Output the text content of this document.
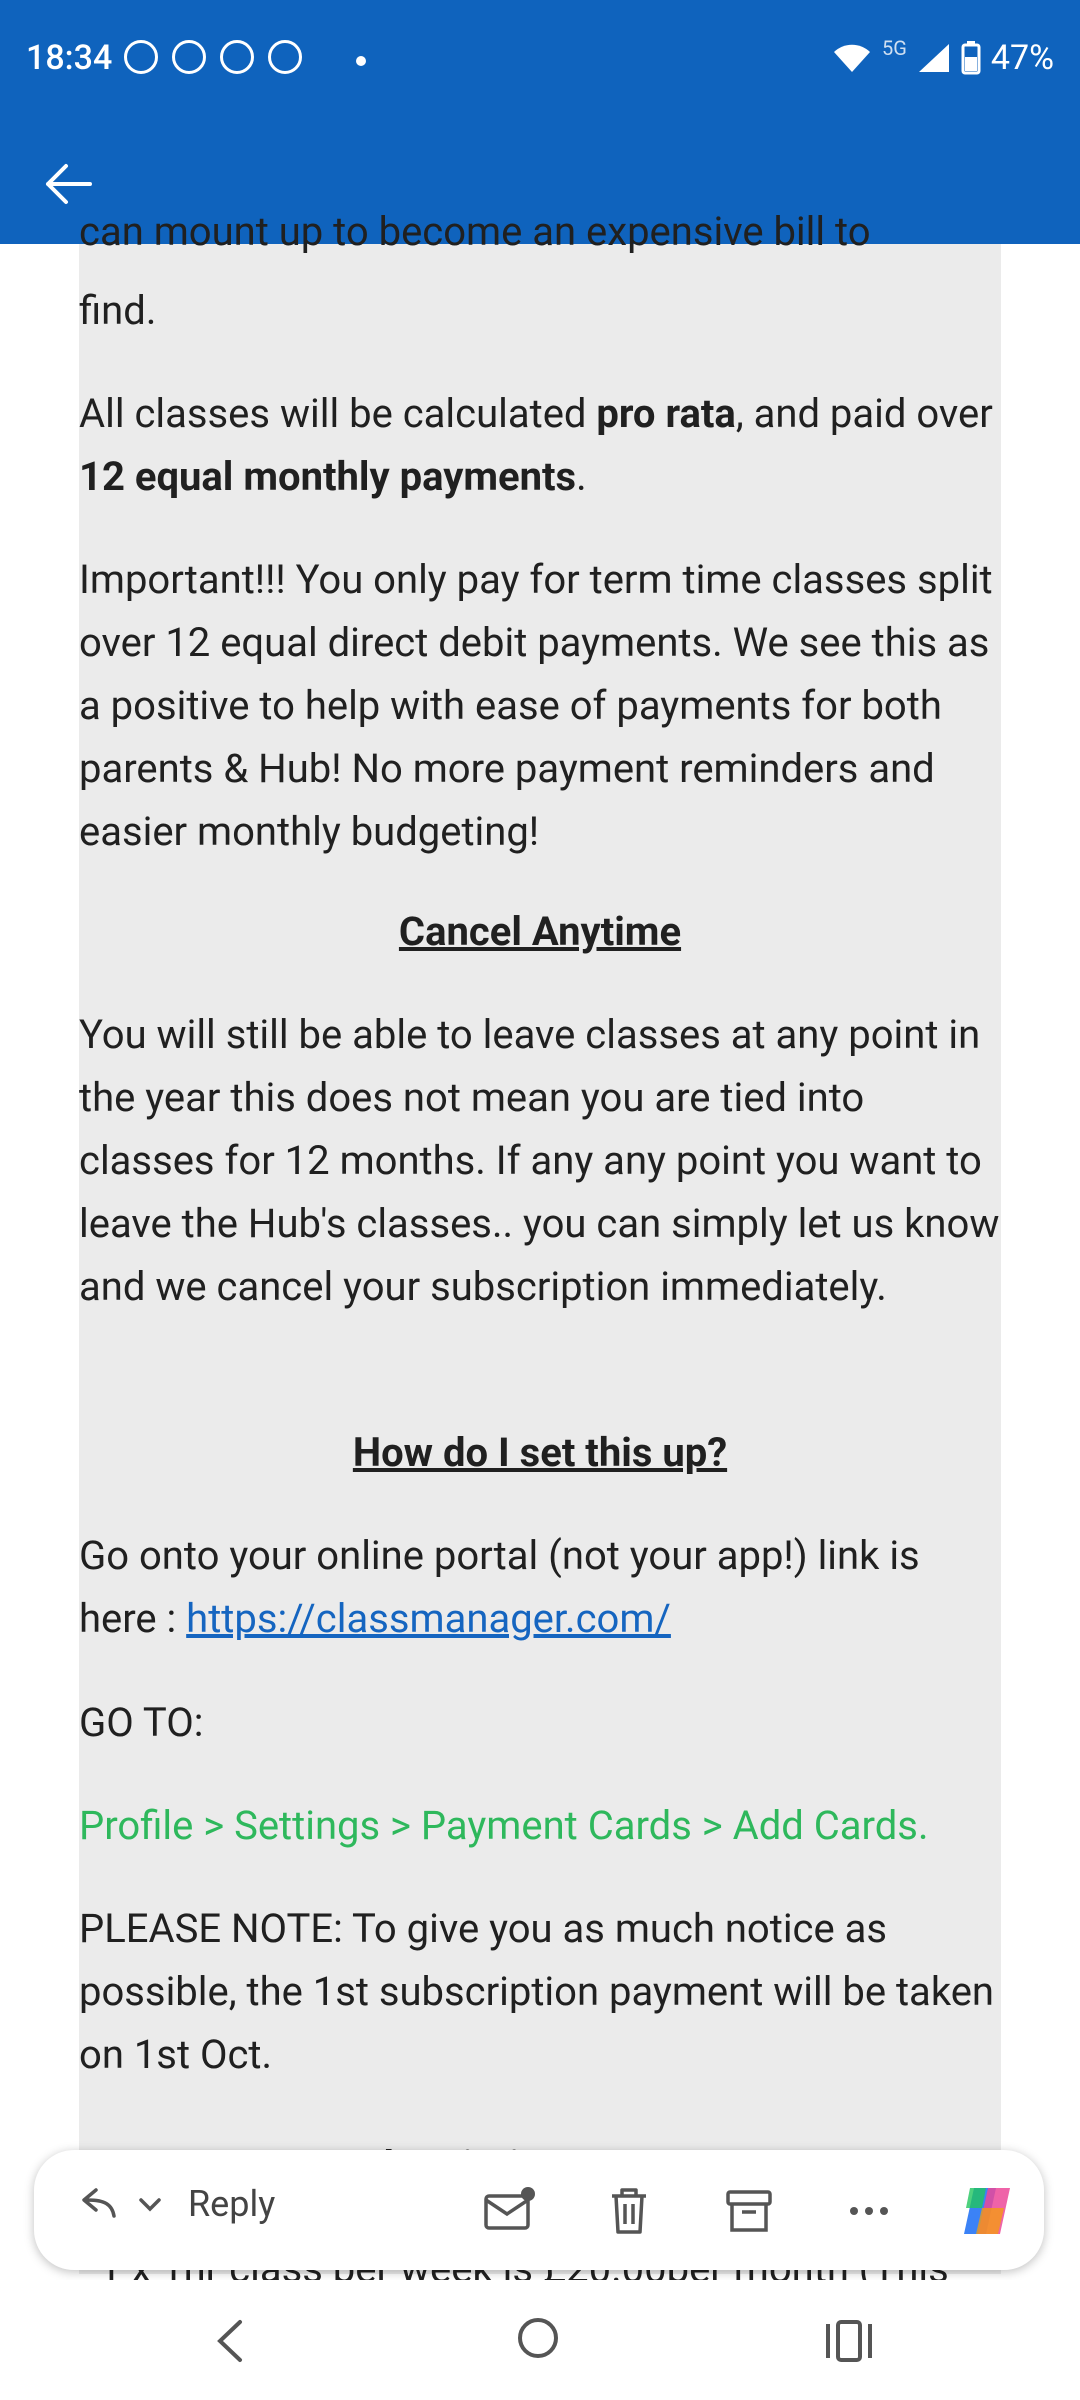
18:34	5G 47%

can mount up to become an expensive bill to

find.

All classes will be calculated pro rata, and paid over 12 equal monthly payments.

Important!!! You only pay for term time classes split over 12 equal direct debit payments. We see this as a positive to help with ease of payments for both parents & Hub! No more payment reminders and easier monthly budgeting!

Cancel Anytime

You will still be able to leave classes at any point in the year this does not mean you are tied into classes for 12 months. If any any point you want to leave the Hub's classes.. you can simply let us know and we cancel your subscription immediately.

How do I set this up?

Go onto your online portal (not your app!) link is here : https://classmanager.com/

GO TO:

Profile > Settings > Payment Cards > Add Cards.

PLEASE NOTE: To give you as much notice as possible, the 1st subscription payment will be taken on 1st Oct.

Reply
